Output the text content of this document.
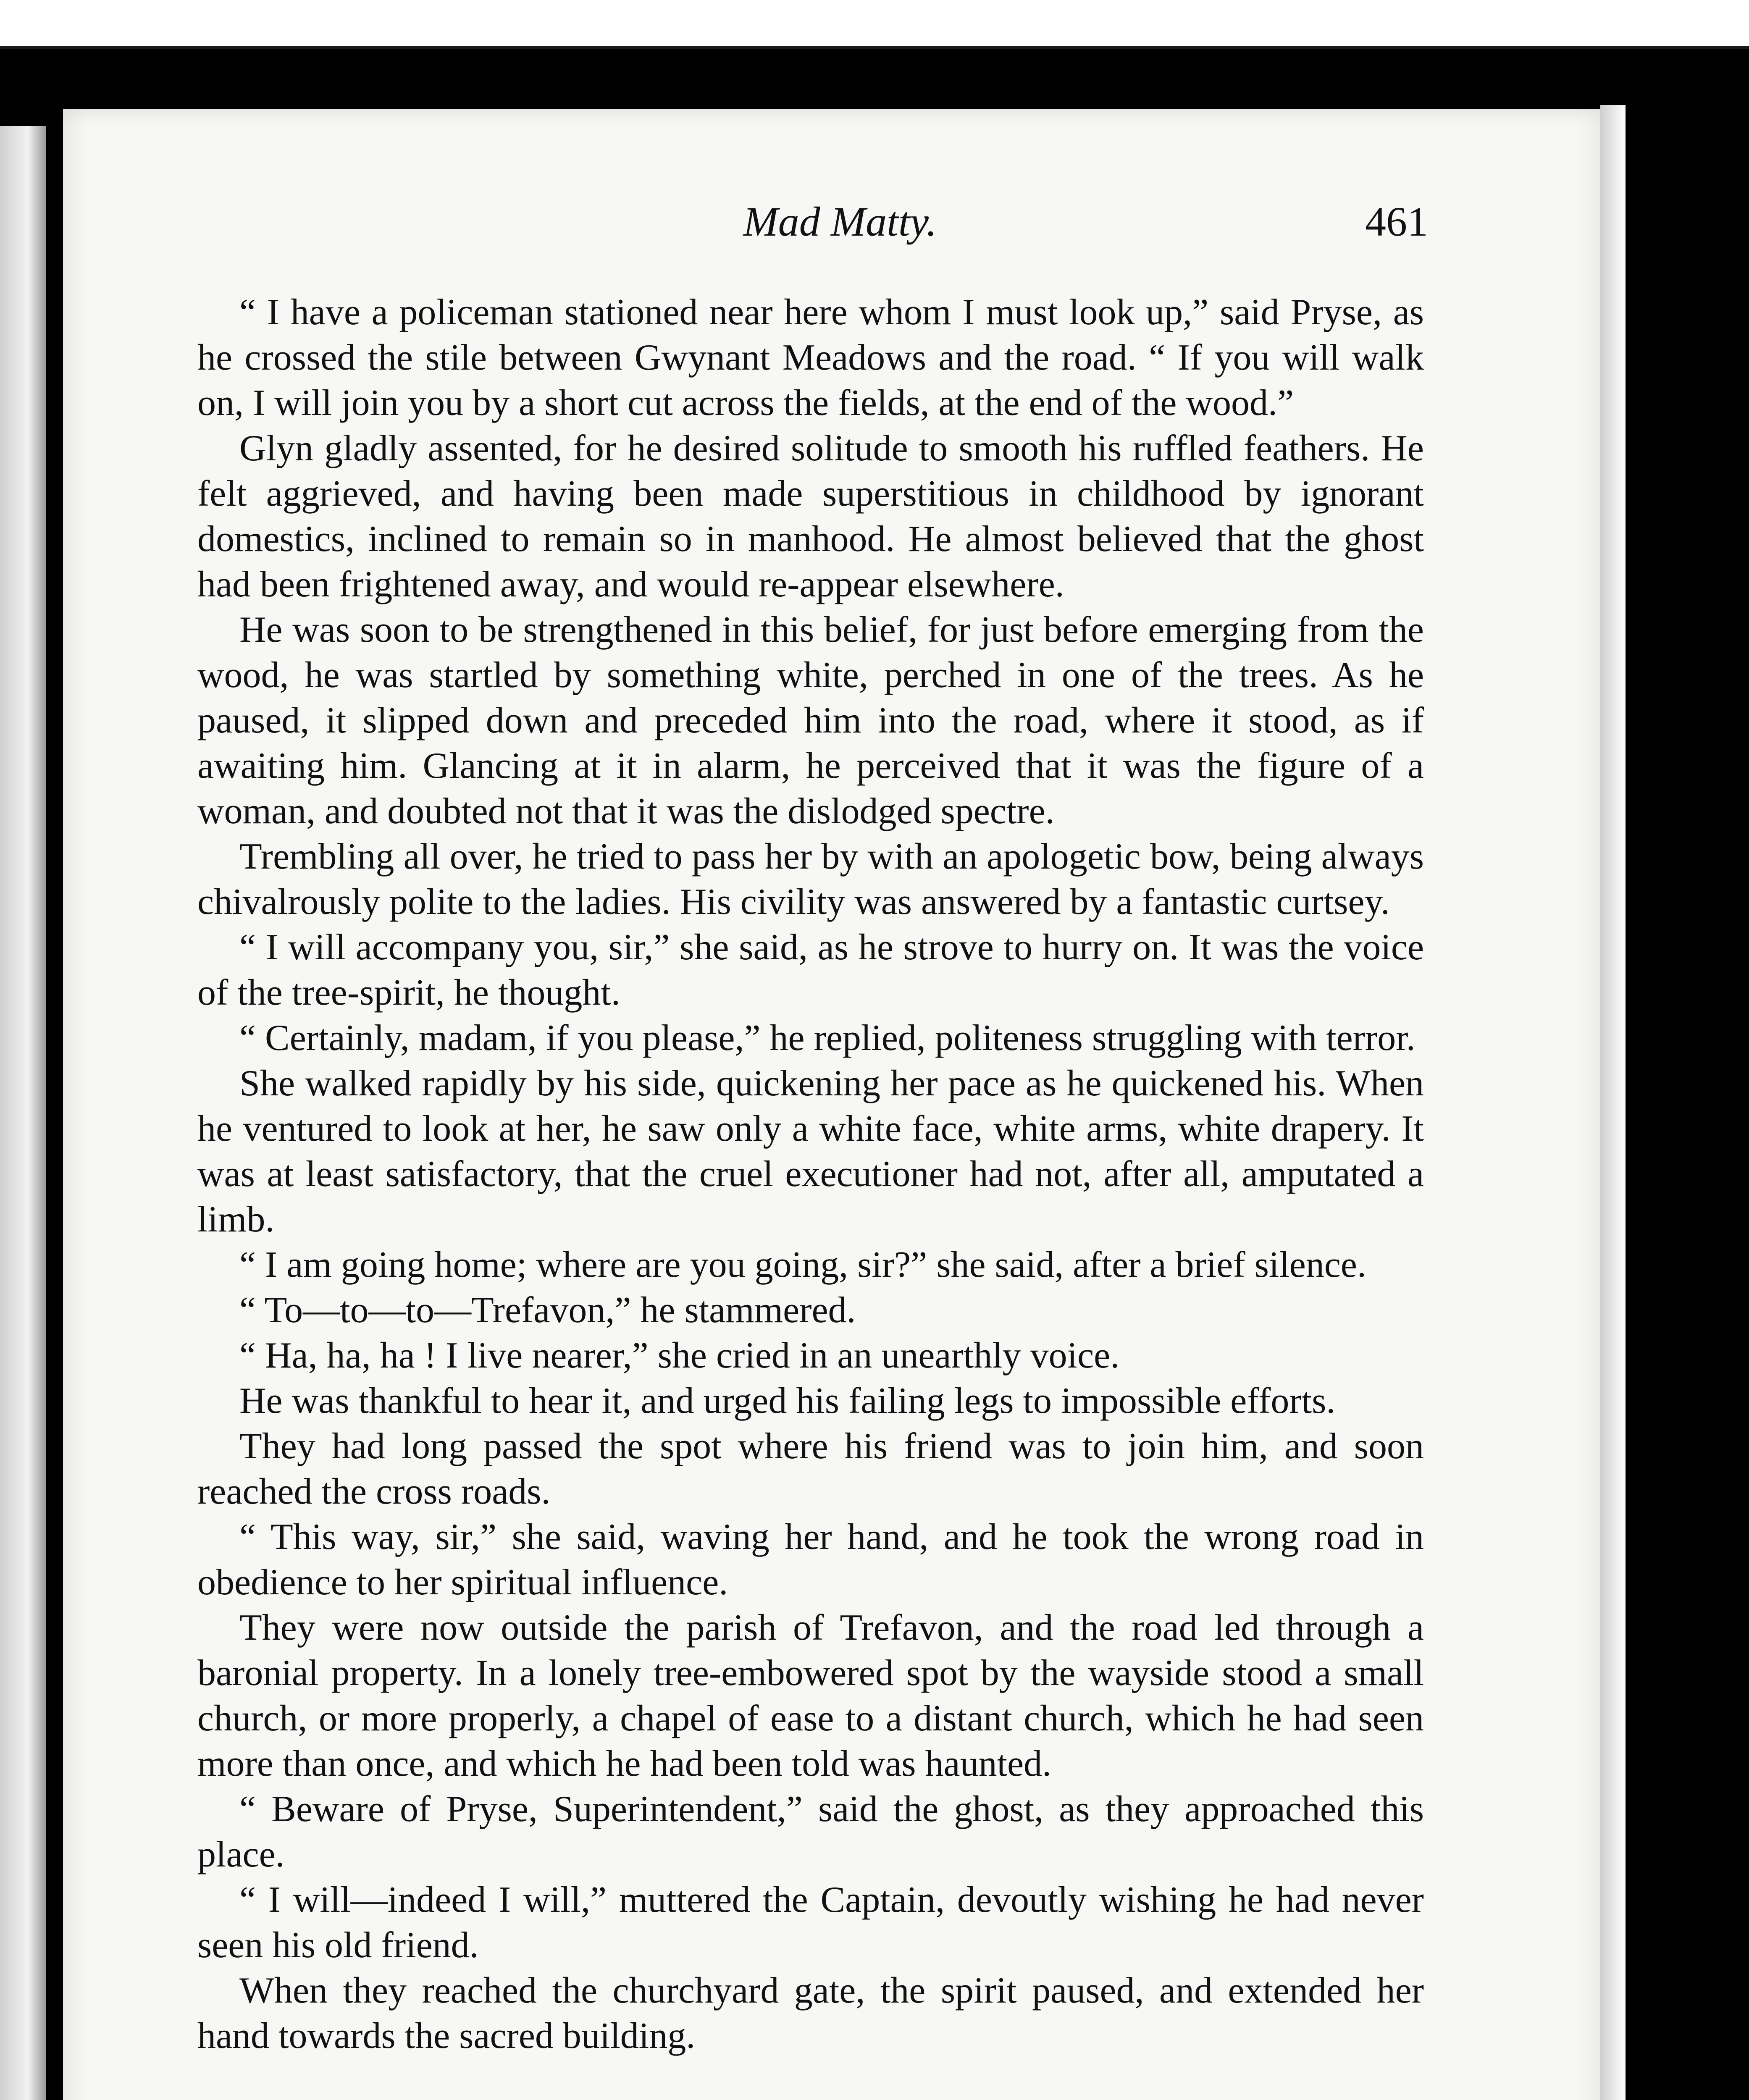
Mad Matty.	461

“ I have a policeman stationed near here whom I must look up,” said Pryse, as he crossed the stile between Gwynant Meadows and the road. “ If you will walk on, I will join you by a short cut across the fields, at the end of the wood.”

Glyn gladly assented, for he desired solitude to smooth his ruffled feathers. He felt aggrieved, and having been made superstitious in childhood by ignorant domestics, inclined to remain so in manhood. He almost believed that the ghost had been frightened away, and would re-appear elsewhere.

He was soon to be strengthened in this belief, for just before emerging from the wood, he was startled by something white, perched in one of the trees. As he paused, it slipped down and preceded him into the road, where it stood, as if awaiting him. Glancing at it in alarm, he perceived that it was the figure of a woman, and doubted not that it was the dislodged spectre.

Trembling all over, he tried to pass her by with an apologetic bow, being always chivalrously polite to the ladies. His civility was answered by a fantastic curtsey.

“ I will accompany you, sir,” she said, as he strove to hurry on. It was the voice of the tree-spirit, he thought.

“ Certainly, madam, if you please,” he replied, politeness struggling with terror.

She walked rapidly by his side, quickening her pace as he quickened his. When he ventured to look at her, he saw only a white face, white arms, white drapery. It was at least satisfactory, that the cruel executioner had not, after all, amputated a limb.

“ I am going home; where are you going, sir?” she said, after a brief silence.

“ To—to—to—Trefavon,” he stammered.

“ Ha, ha, ha ! I live nearer,” she cried in an unearthly voice.

He was thankful to hear it, and urged his failing legs to impossible efforts.

They had long passed the spot where his friend was to join him, and soon reached the cross roads.

“ This way, sir,” she said, waving her hand, and he took the wrong road in obedience to her spiritual influence.

They were now outside the parish of Trefavon, and the road led through a baronial property. In a lonely tree-embowered spot by the wayside stood a small church, or more properly, a chapel of ease to a distant church, which he had seen more than once, and which he had been told was haunted.

“ Beware of Pryse, Superintendent,” said the ghost, as they approached this place.

“ I will—indeed I will,” muttered the Captain, devoutly wishing he had never seen his old friend.

When they reached the churchyard gate, the spirit paused, and extended her hand towards the sacred building.
